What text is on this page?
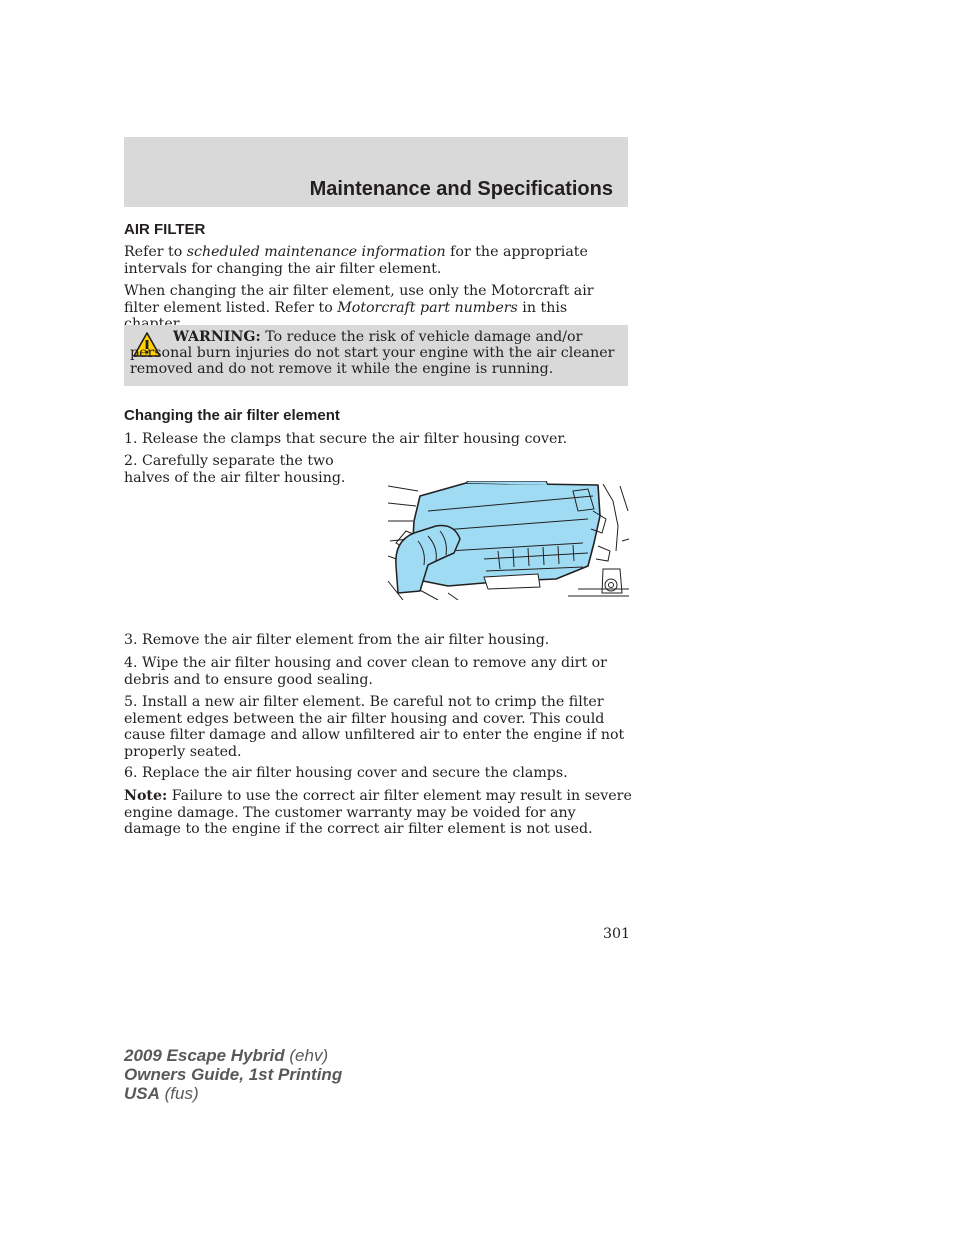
Maintenance and Specifications
AIR FILTER

Refer to scheduled maintenance information for the appropriate intervals for changing the air filter element.

When changing the air filter element, use only the Motorcraft air filter element listed. Refer to Motorcraft part numbers in this

WARNING: To reduce the risk of vehicle damage and/or personal burn injuries do not start your engine with the air cleaner removed and do not remove it while the engine is running.

Changing the air filter element

1. Release the clamps that secure the air filter housing cover.

2. Carefully separate the two halves of the air filter housing.

3. Remove the air filter element from the air filter housing.

4. Wipe the air filter housing and cover clean to remove any dirt or debris and to ensure good sealing.

5. Install a new air filter element. Be careful not to crimp the filter element edges between the air filter housing and cover. This could cause filter damage and allow unfiltered air to enter the engine if not properly seated.

6. Replace the air filter housing cover and secure the clamps.

Note: Failure to use the correct air filter element may result in severe engine damage. The customer warranty may be voided for any damage to the engine if the correct air filter element is not used.

301
2009 Escape Hybrid (ehv)
Owners Guide, 1st Printing
USA (fus)
